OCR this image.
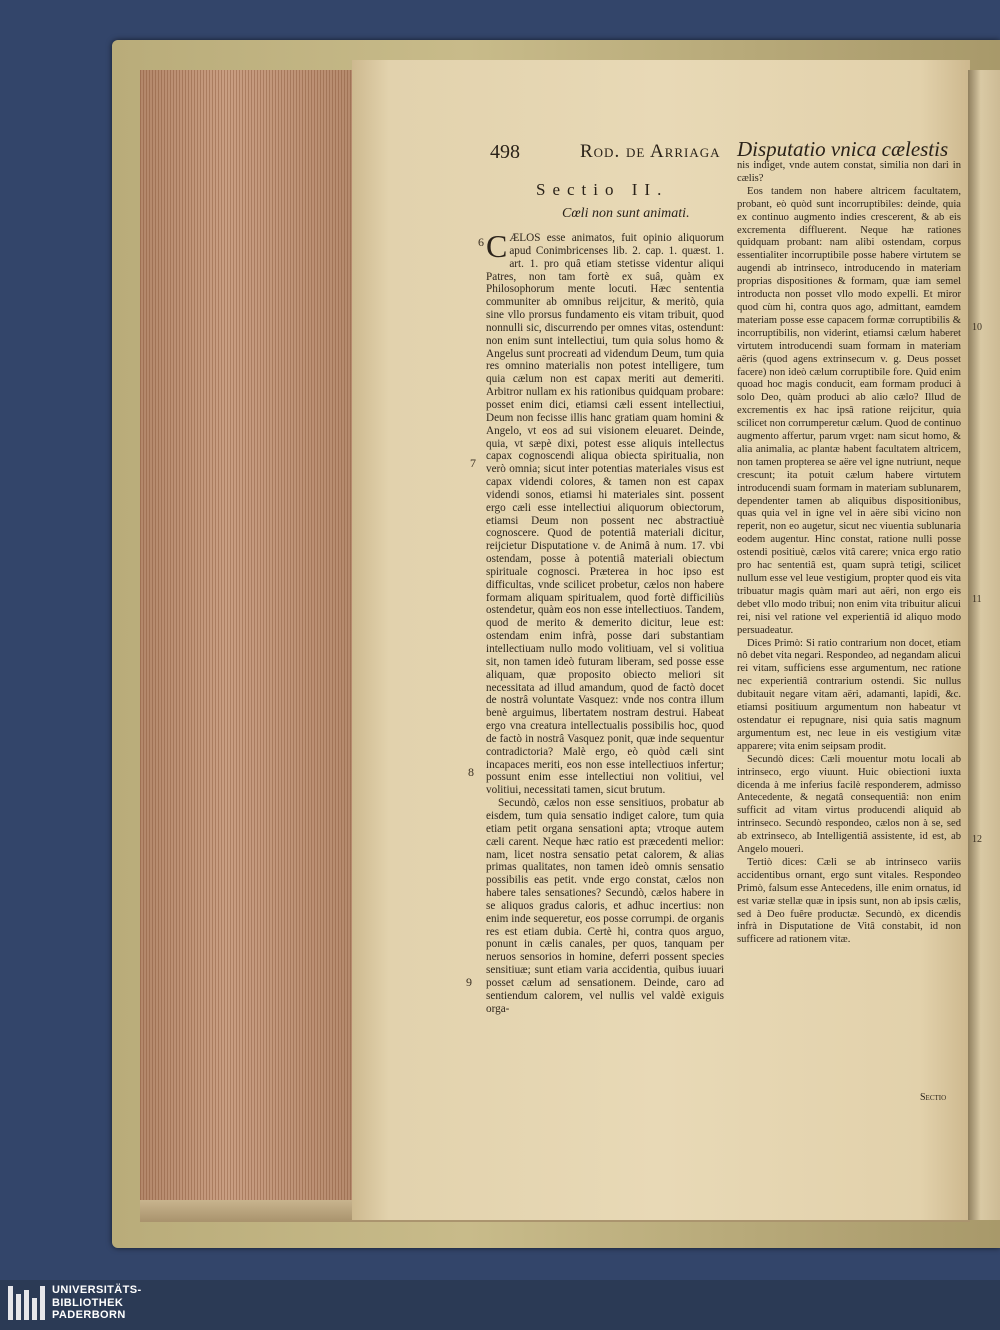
498	Rod. de Arriaga Disputatio vnica cælestis
Sectio II.
Cœli non sunt animati.

CÆLOS esse animatos, fuit opinio aliquorum apud Conimbricenses lib. 2. cap. 1. quæst. 1. art. 1. pro quâ etiam stetisse videntur aliqui Patres, non tam fortè ex suâ, quàm ex Philosophorum mente locuti. Hæc sententia communiter ab omnibus reijcitur, & meritò, quia sine vllo prorsus fundamento eis vitam tribuit, quod nonnulli sic, discurrendo per omnes vitas, ostendunt: non enim sunt intellectiui, tum quia solus homo & Angelus sunt procreati ad videndum Deum, tum quia res omnino materialis non potest intelligere, tum quia cælum non est capax meriti aut demeriti. Arbitror nullam ex his rationibus quidquam probare: posset enim dici, etiamsi cæli essent intellectiui, Deum non fecisse illis hanc gratiam quam homini & Angelo, vt eos ad sui visionem eleuaret. Deinde, quia, vt sæpè dixi, potest esse aliquis intellectus capax cognoscendi aliqua obiecta spiritualia, non verò omnia; sicut inter potentias materiales visus est capax videndi colores, & tamen non est capax videndi sonos, etiamsi hi materiales sint. possent ergo cæli esse intellectiui aliquorum obiectorum, etiamsi Deum non possent nec abstractiuè cognoscere. Quod de potentiâ materiali dicitur, reijcietur Disputatione v. de Animâ à num. 17. vbi ostendam, posse à potentiâ materiali obiectum spirituale cognosci. Præterea in hoc ipso est difficultas, vnde scilicet probetur, cælos non habere formam aliquam spiritualem, quod fortè difficiliùs ostendetur, quàm eos non esse intellectiuos. Tandem, quod de merito & demerito dicitur, leue est: ostendam enim infrà, posse dari substantiam intellectiuam nullo modo volitiuam, vel si volitiua sit, non tamen ideò futuram liberam, sed posse esse aliquam, quæ proposito obiecto meliori sit necessitata ad illud amandum, quod de factò docet de nostrâ voluntate Vasquez: vnde nos contra illum benè arguimus, libertatem nostram destrui. Habeat ergo vna creatura intellectualis possibilis hoc, quod de factò in nostrâ Vasquez ponit, quæ inde sequentur contradictoria? Malè ergo, eò quòd cæli sint incapaces meriti, eos non esse intellectiuos infertur; possunt enim esse intellectiui non volitiui, vel volitiui, necessitati tamen, sicut brutum.

Secundò, cælos non esse sensitiuos, probatur ab eisdem, tum quia sensatio indiget calore, tum quia etiam petit organa sensationi apta; vtroque autem cæli carent. Neque hæc ratio est præcedenti melior: nam, licet nostra sensatio petat calorem, & alias primas qualitates, non tamen ideò omnis sensatio possibilis eas petit. vnde ergo constat, cælos non habere tales sensationes? Secundò, cælos habere in se aliquos gradus caloris, et adhuc incertius: non enim inde sequeretur, eos posse corrumpi. de organis res est etiam dubia. Certè hi, contra quos arguo, ponunt in cælis canales, per quos, tanquam per neruos sensorios in homine, deferri possent species sensitiuæ; sunt etiam varia accidentia, quibus iuuari posset cælum ad sensationem. Deinde, caro ad sentiendum calorem, vel nullis vel valdè exiguis orga-

nis indiget, vnde autem constat, similia non dari in cælis?

Eos tandem non habere altricem facultatem, probant, eò quòd sunt incorruptibiles: deinde, quia ex continuo augmento indies crescerent, & ab eis excrementa diffluerent. Neque hæ rationes quidquam probant: nam alibi ostendam, corpus essentialiter incorruptibile posse habere virtutem se augendi ab intrinseco, introducendo in materiam proprias dispositiones & formam, quæ iam semel introducta non posset vllo modo expelli. Et miror quod cùm hi, contra quos ago, admittant, eamdem materiam posse esse capacem formæ corruptibilis & incorruptibilis, non viderint, etiamsi cælum haberet virtutem introducendi suam formam in materiam aëris (quod agens extrinsecum v. g. Deus posset facere) non ideò cælum corruptibile fore. Quid enim quoad hoc magis conducit, eam formam produci à solo Deo, quàm produci ab alio cælo? Illud de excrementis ex hac ipsâ ratione reijcitur, quia scilicet non corrumperetur cælum. Quod de continuo augmento affertur, parum vrget: nam sicut homo, & alia animalia, ac plantæ habent facultatem altricem, non tamen propterea se aëre vel igne nutriunt, neque crescunt; ita potuit cælum habere virtutem introducendi suam formam in materiam sublunarem, dependenter tamen ab aliquibus dispositionibus, quas quia vel in igne vel in aëre sibi vicino non reperit, non eo augetur, sicut nec viuentia sublunaria eodem augentur. Hinc constat, ratione nulli posse ostendi positiuè, cælos vitâ carere; vnica ergo ratio pro hac sententiâ est, quam suprà tetigi, scilicet nullum esse vel leue vestigium, propter quod eis vita tribuatur magis quàm mari aut aëri, non ergo eis debet vllo modo tribui; non enim vita tribuitur alicui rei, nisi vel ratione vel experientiâ id aliquo modo persuadeatur.

Dices Primò: Si ratio contrarium non docet, etiam nô debet vita negari. Respondeo, ad negandam alicui rei vitam, sufficiens esse argumentum, nec ratione nec experientiâ contrarium ostendi. Sic nullus dubitauit negare vitam aëri, adamanti, lapidi, &c. etiamsi positiuum argumentum non habeatur vt ostendatur ei repugnare, nisi quia satis magnum argumentum est, nec leue in eis vestigium vitæ apparere; vita enim seipsam prodit.

Secundò dices: Cæli mouentur motu locali ab intrinseco, ergo viuunt. Huic obiectioni iuxta dicenda à me inferius facilè responderem, admisso Antecedente, & negatâ consequentiâ: non enim sufficit ad vitam virtus producendi aliquid ab intrinseco. Secundò respondeo, cælos non à se, sed ab extrinseco, ab Intelligentiâ assistente, id est, ab Angelo moueri.

Tertiò dices: Cæli se ab intrinseco variis accidentibus ornant, ergo sunt vitales. Respondeo Primò, falsum esse Antecedens, ille enim ornatus, id est variæ stellæ quæ in ipsis sunt, non ab ipsis cælis, sed à Deo fuêre productæ. Secundò, ex dicendis infrà in Disputatione de Vitâ constabit, id non sufficere ad rationem vitæ.

6
7
8
9
10
11
12
Sectio
UNIVERSITÄTS-
BIBLIOTHEK
PADERBORN
